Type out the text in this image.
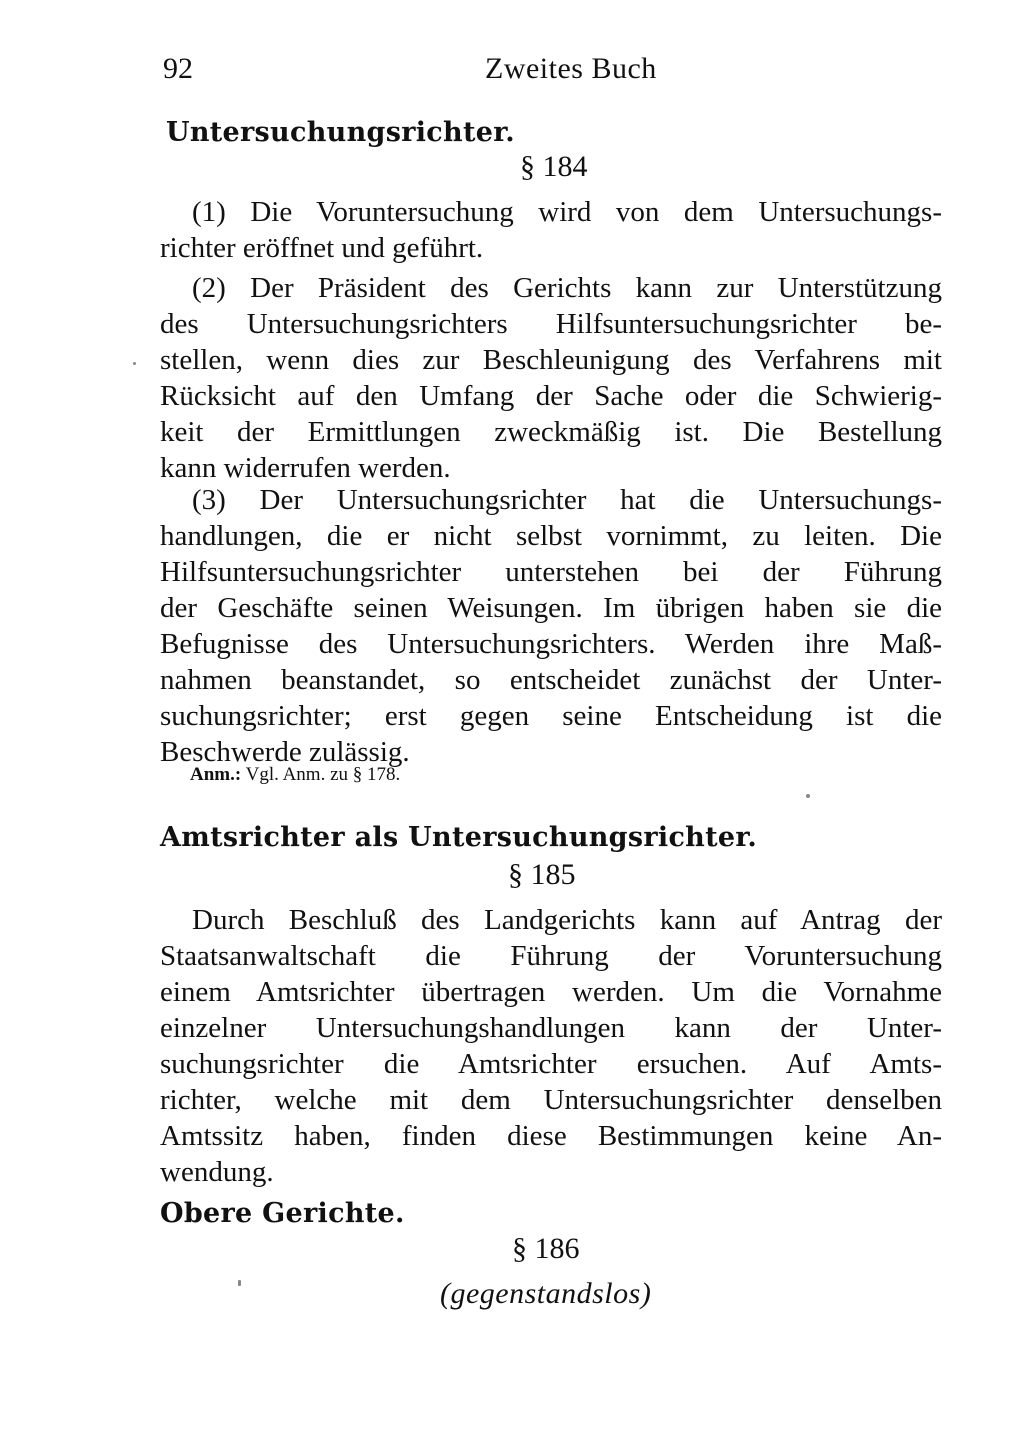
92	Zweites Buch
Untersuchungsrichter.
§ 184
(1) Die Voruntersuchung wird von dem Untersuchungs-
richter eröffnet und geführt.
(2) Der Präsident des Gerichts kann zur Unterstützung
des Untersuchungsrichters Hilfsuntersuchungsrichter be-
stellen, wenn dies zur Beschleunigung des Verfahrens mit
Rücksicht auf den Umfang der Sache oder die Schwierig-
keit der Ermittlungen zweckmäßig ist. Die Bestellung
kann widerrufen werden.
(3) Der Untersuchungsrichter hat die Untersuchungs-
handlungen, die er nicht selbst vornimmt, zu leiten. Die
Hilfsuntersuchungsrichter unterstehen bei der Führung
der Geschäfte seinen Weisungen. Im übrigen haben sie die
Befugnisse des Untersuchungsrichters. Werden ihre Maß-
nahmen beanstandet, so entscheidet zunächst der Unter-
suchungsrichter; erst gegen seine Entscheidung ist die
Beschwerde zulässig.
Anm.: Vgl. Anm. zu § 178.
Amtsrichter als Untersuchungsrichter.
§ 185
Durch Beschluß des Landgerichts kann auf Antrag der
Staatsanwaltschaft die Führung der Voruntersuchung
einem Amtsrichter übertragen werden. Um die Vornahme
einzelner Untersuchungshandlungen kann der Unter-
suchungsrichter die Amtsrichter ersuchen. Auf Amts-
richter, welche mit dem Untersuchungsrichter denselben
Amtssitz haben, finden diese Bestimmungen keine An-
wendung.
Obere Gerichte.
§ 186
(gegenstandslos)
